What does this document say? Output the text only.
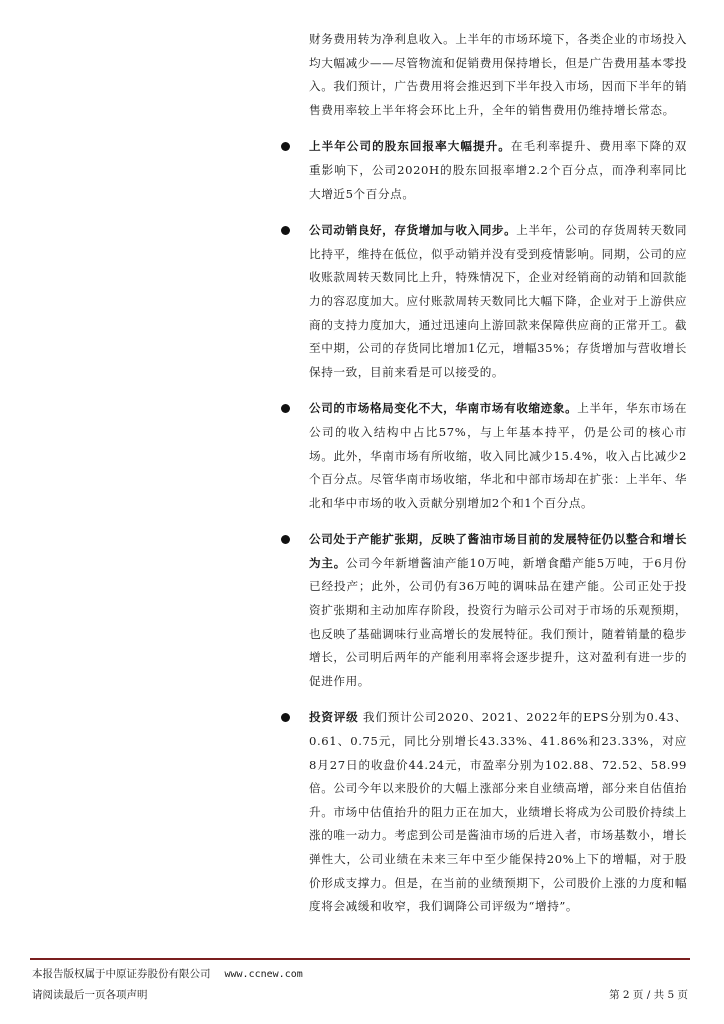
财务费用转为净利息收入。上半年的市场环境下，各类企业的市场投入均大幅减少——尽管物流和促销费用保持增长，但是广告费用基本零投入。我们预计，广告费用将会推迟到下半年投入市场，因而下半年的销售费用率较上半年将会环比上升，全年的销售费用仍维持增长常态。

上半年公司的股东回报率大幅提升。在毛利率提升、费用率下降的双重影响下，公司2020H的股东回报率增2.2个百分点，而净利率同比大增近5个百分点。

公司动销良好，存货增加与收入同步。上半年，公司的存货周转天数同比持平，维持在低位，似乎动销并没有受到疫情影响。同期，公司的应收账款周转天数同比上升，特殊情况下，企业对经销商的动销和回款能力的容忍度加大。应付账款周转天数同比大幅下降，企业对于上游供应商的支持力度加大，通过迅速向上游回款来保障供应商的正常开工。截至中期，公司的存货同比增加1亿元，增幅35%；存货增加与营收增长保持一致，目前来看是可以接受的。

公司的市场格局变化不大，华南市场有收缩迹象。上半年，华东市场在公司的收入结构中占比57%，与上年基本持平，仍是公司的核心市场。此外，华南市场有所收缩，收入同比减少15.4%，收入占比减少2个百分点。尽管华南市场收缩，华北和中部市场却在扩张：上半年、华北和华中市场的收入贡献分别增加2个和1个百分点。

公司处于产能扩张期，反映了酱油市场目前的发展特征仍以整合和增长为主。公司今年新增酱油产能10万吨，新增食醋产能5万吨，于6月份已经投产；此外，公司仍有36万吨的调味品在建产能。公司正处于投资扩张期和主动加库存阶段，投资行为暗示公司对于市场的乐观预期，也反映了基础调味行业高增长的发展特征。我们预计，随着销量的稳步增长，公司明后两年的产能利用率将会逐步提升，这对盈利有进一步的促进作用。

投资评级 我们预计公司2020、2021、2022年的EPS分别为0.43、0.61、0.75元，同比分别增长43.33%、41.86%和23.33%，对应8月27日的收盘价44.24元，市盈率分别为102.88、72.52、58.99倍。公司今年以来股价的大幅上涨部分来自业绩高增，部分来自估值抬升。市场中估值抬升的阻力正在加大，业绩增长将成为公司股价持续上涨的唯一动力。考虑到公司是酱油市场的后进入者，市场基数小，增长弹性大，公司业绩在未来三年中至少能保持20%上下的增幅，对于股价形成支撑力。但是，在当前的业绩预期下，公司股价上涨的力度和幅度将会减缓和收窄，我们调降公司评级为“增持”。

本报告版权属于中原证券股份有限公司 www.ccnew.com
请阅读最后一页各项声明	第 2 页 / 共 5 页
